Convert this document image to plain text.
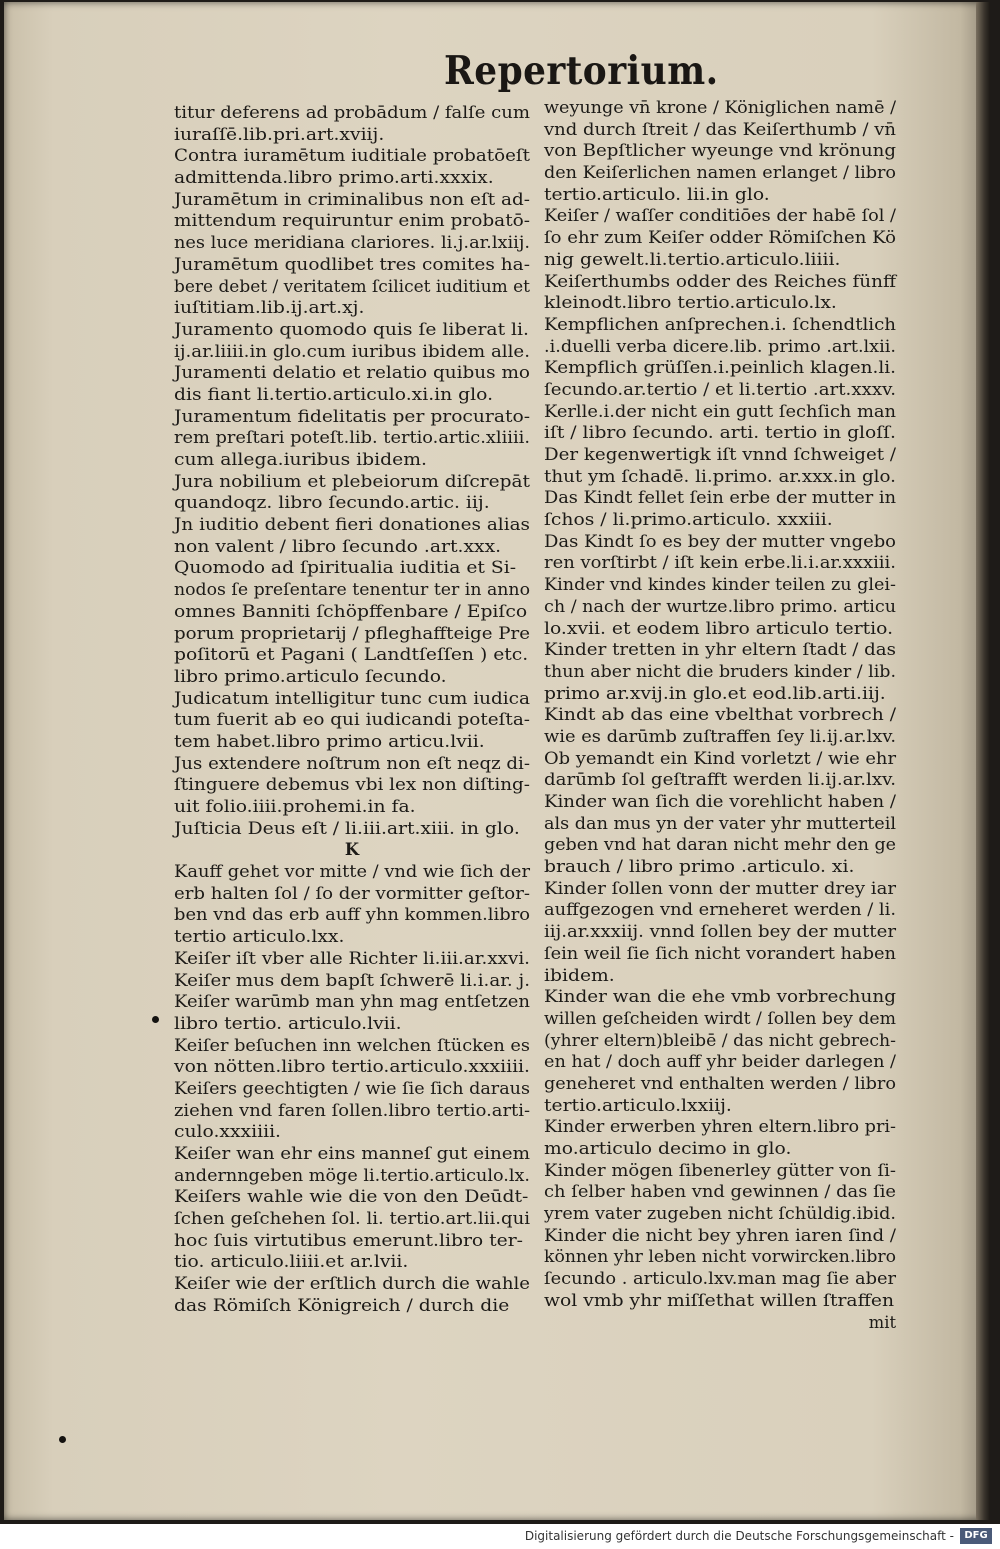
Repertorium.
titur deferens ad probādum / falſe cum
iuraſſē.lib.pri.art.xviij.
Contra iuramētum iuditiale probatōeſt
admittenda.libro primo.arti.xxxix.
Juramētum in criminalibus non eſt ad-
mittendum requiruntur enim probatō-
nes luce meridiana clariores. li.j.ar.lxiij.
Juramētum quodlibet tres comites ha-
bere debet / veritatem ſcilicet iuditium et
iuſtitiam.lib.ij.art.xj.
Juramento quomodo quis ſe liberat li.
ij.ar.liiii.in glo.cum iuribus ibidem alle.
Juramenti delatio et relatio quibus mo
dis fiant li.tertio.articulo.xi.in glo.
Juramentum fidelitatis per procurato-
rem preſtari poteſt.lib. tertio.artic.xliiii.
cum allega.iuribus ibidem.
Jura nobilium et plebeiorum diſcrepāt
quandoqz. libro ſecundo.artic. iij.
Jn iuditio debent fieri donationes alias
non valent / libro ſecundo .art.xxx.
Quomodo ad ſpiritualia iuditia et Si-
nodos ſe preſentare tenentur ter in anno
omnes Banniti ſchöpffenbare / Epiſco
porum proprietarij / pfleghaffteige Pre
poſitorū et Pagani ( Landtſeſſen ) etc.
libro primo.articulo ſecundo.
Judicatum intelligitur tunc cum iudica
tum fuerit ab eo qui iudicandi poteſta-
tem habet.libro primo articu.lvii.
Jus extendere noſtrum non eſt neqz di-
ſtinguere debemus vbi lex non diſting-
uit folio.iiii.prohemi.in fa.
Juſticia Deus eſt / li.iii.art.xiii. in glo.
K
Kauff gehet vor mitte / vnd wie ſich der
erb halten ſol / ſo der vormitter geſtor-
ben vnd das erb auff yhn kommen.libro
tertio articulo.lxx.
Keiſer iſt vber alle Richter li.iii.ar.xxvi.
Keiſer mus dem bapſt ſchwerē li.i.ar. j.
Keiſer warūmb man yhn mag entſetzen
libro tertio. articulo.lvii.
Keiſer beſuchen inn welchen ſtücken es
von nötten.libro tertio.articulo.xxxiiii.
Keiſers geechtigten / wie ſie ſich daraus
ziehen vnd faren ſollen.libro tertio.arti-
culo.xxxiiii.
Keiſer wan ehr eins manneſ gut einem
andernngeben möge li.tertio.articulo.lx.
Keiſers wahle wie die von den Deūdt-
ſchen geſchehen ſol. li. tertio.art.lii.qui
hoc ſuis virtutibus emerunt.libro ter-
tio. articulo.liiii.et ar.lvii.
Keiſer wie der erſtlich durch die wahle
das Römiſch Königreich / durch die
weyunge vn̄ krone / Königlichen namē /
vnd durch ſtreit / das Keiſerthumb / vn̄
von Bepſtlicher wyeunge vnd krönung
den Keiſerlichen namen erlanget / libro
tertio.articulo. lii.in glo.
Keiſer / waſſer conditiōes der habē ſol /
ſo ehr zum Keiſer odder Römiſchen Kö
nig gewelt.li.tertio.articulo.liiii.
Keiſerthumbs odder des Reiches fünff
kleinodt.libro tertio.articulo.lx.
Kempflichen anſprechen.i. ſchendtlich
.i.duelli verba dicere.lib. primo .art.lxii.
Kempflich grüſſen.i.peinlich klagen.li.
ſecundo.ar.tertio / et li.tertio .art.xxxv.
Kerlle.i.der nicht ein gutt ſechſich man
iſt / libro ſecundo. arti. tertio in gloſſ.
Der kegenwertigk iſt vnnd ſchweiget /
thut ym ſchadē. li.primo. ar.xxx.in glo.
Das Kindt fellet ſein erbe der mutter in
ſchos / li.primo.articulo. xxxiii.
Das Kindt ſo es bey der mutter vngebo
ren vorſtirbt / iſt kein erbe.li.i.ar.xxxiii.
Kinder vnd kindes kinder teilen zu glei-
ch / nach der wurtze.libro primo. articu
lo.xvii. et eodem libro articulo tertio.
Kinder tretten in yhr eltern ſtadt / das
thun aber nicht die bruders kinder / lib.
primo ar.xvij.in glo.et eod.lib.arti.iij.
Kindt ab das eine vbelthat vorbrech /
wie es darūmb zuſtraffen ſey li.ij.ar.lxv.
Ob yemandt ein Kind vorletzt / wie ehr
darūmb ſol geſtrafft werden li.ij.ar.lxv.
Kinder wan ſich die vorehlicht haben /
als dan mus yn der vater yhr mutterteil
geben vnd hat daran nicht mehr den ge
brauch / libro primo .articulo. xi.
Kinder ſollen vonn der mutter drey iar
auffgezogen vnd erneheret werden / li.
iij.ar.xxxiij. vnnd ſollen bey der mutter
ſein weil ſie ſich nicht vorandert haben
ibidem.
Kinder wan die ehe vmb vorbrechung
willen geſcheiden wirdt / ſollen bey dem
(yhrer eltern)bleibē / das nicht gebrech-
en hat / doch auff yhr beider darlegen /
geneheret vnd enthalten werden / libro
tertio.articulo.lxxiij.
Kinder erwerben yhren eltern.libro pri-
mo.articulo decimo in glo.
Kinder mögen ſibenerley gütter von ſi-
ch ſelber haben vnd gewinnen / das ſie
yrem vater zugeben nicht ſchüldig.ibid.
Kinder die nicht bey yhren iaren ſind /
können yhr leben nicht vorwircken.libro
ſecundo . articulo.lxv.man mag ſie aber
wol vmb yhr miſſethat willen ſtraffen
mit
Digitalisierung gefördert durch die Deutsche Forschungsgemeinschaft -	DFG
